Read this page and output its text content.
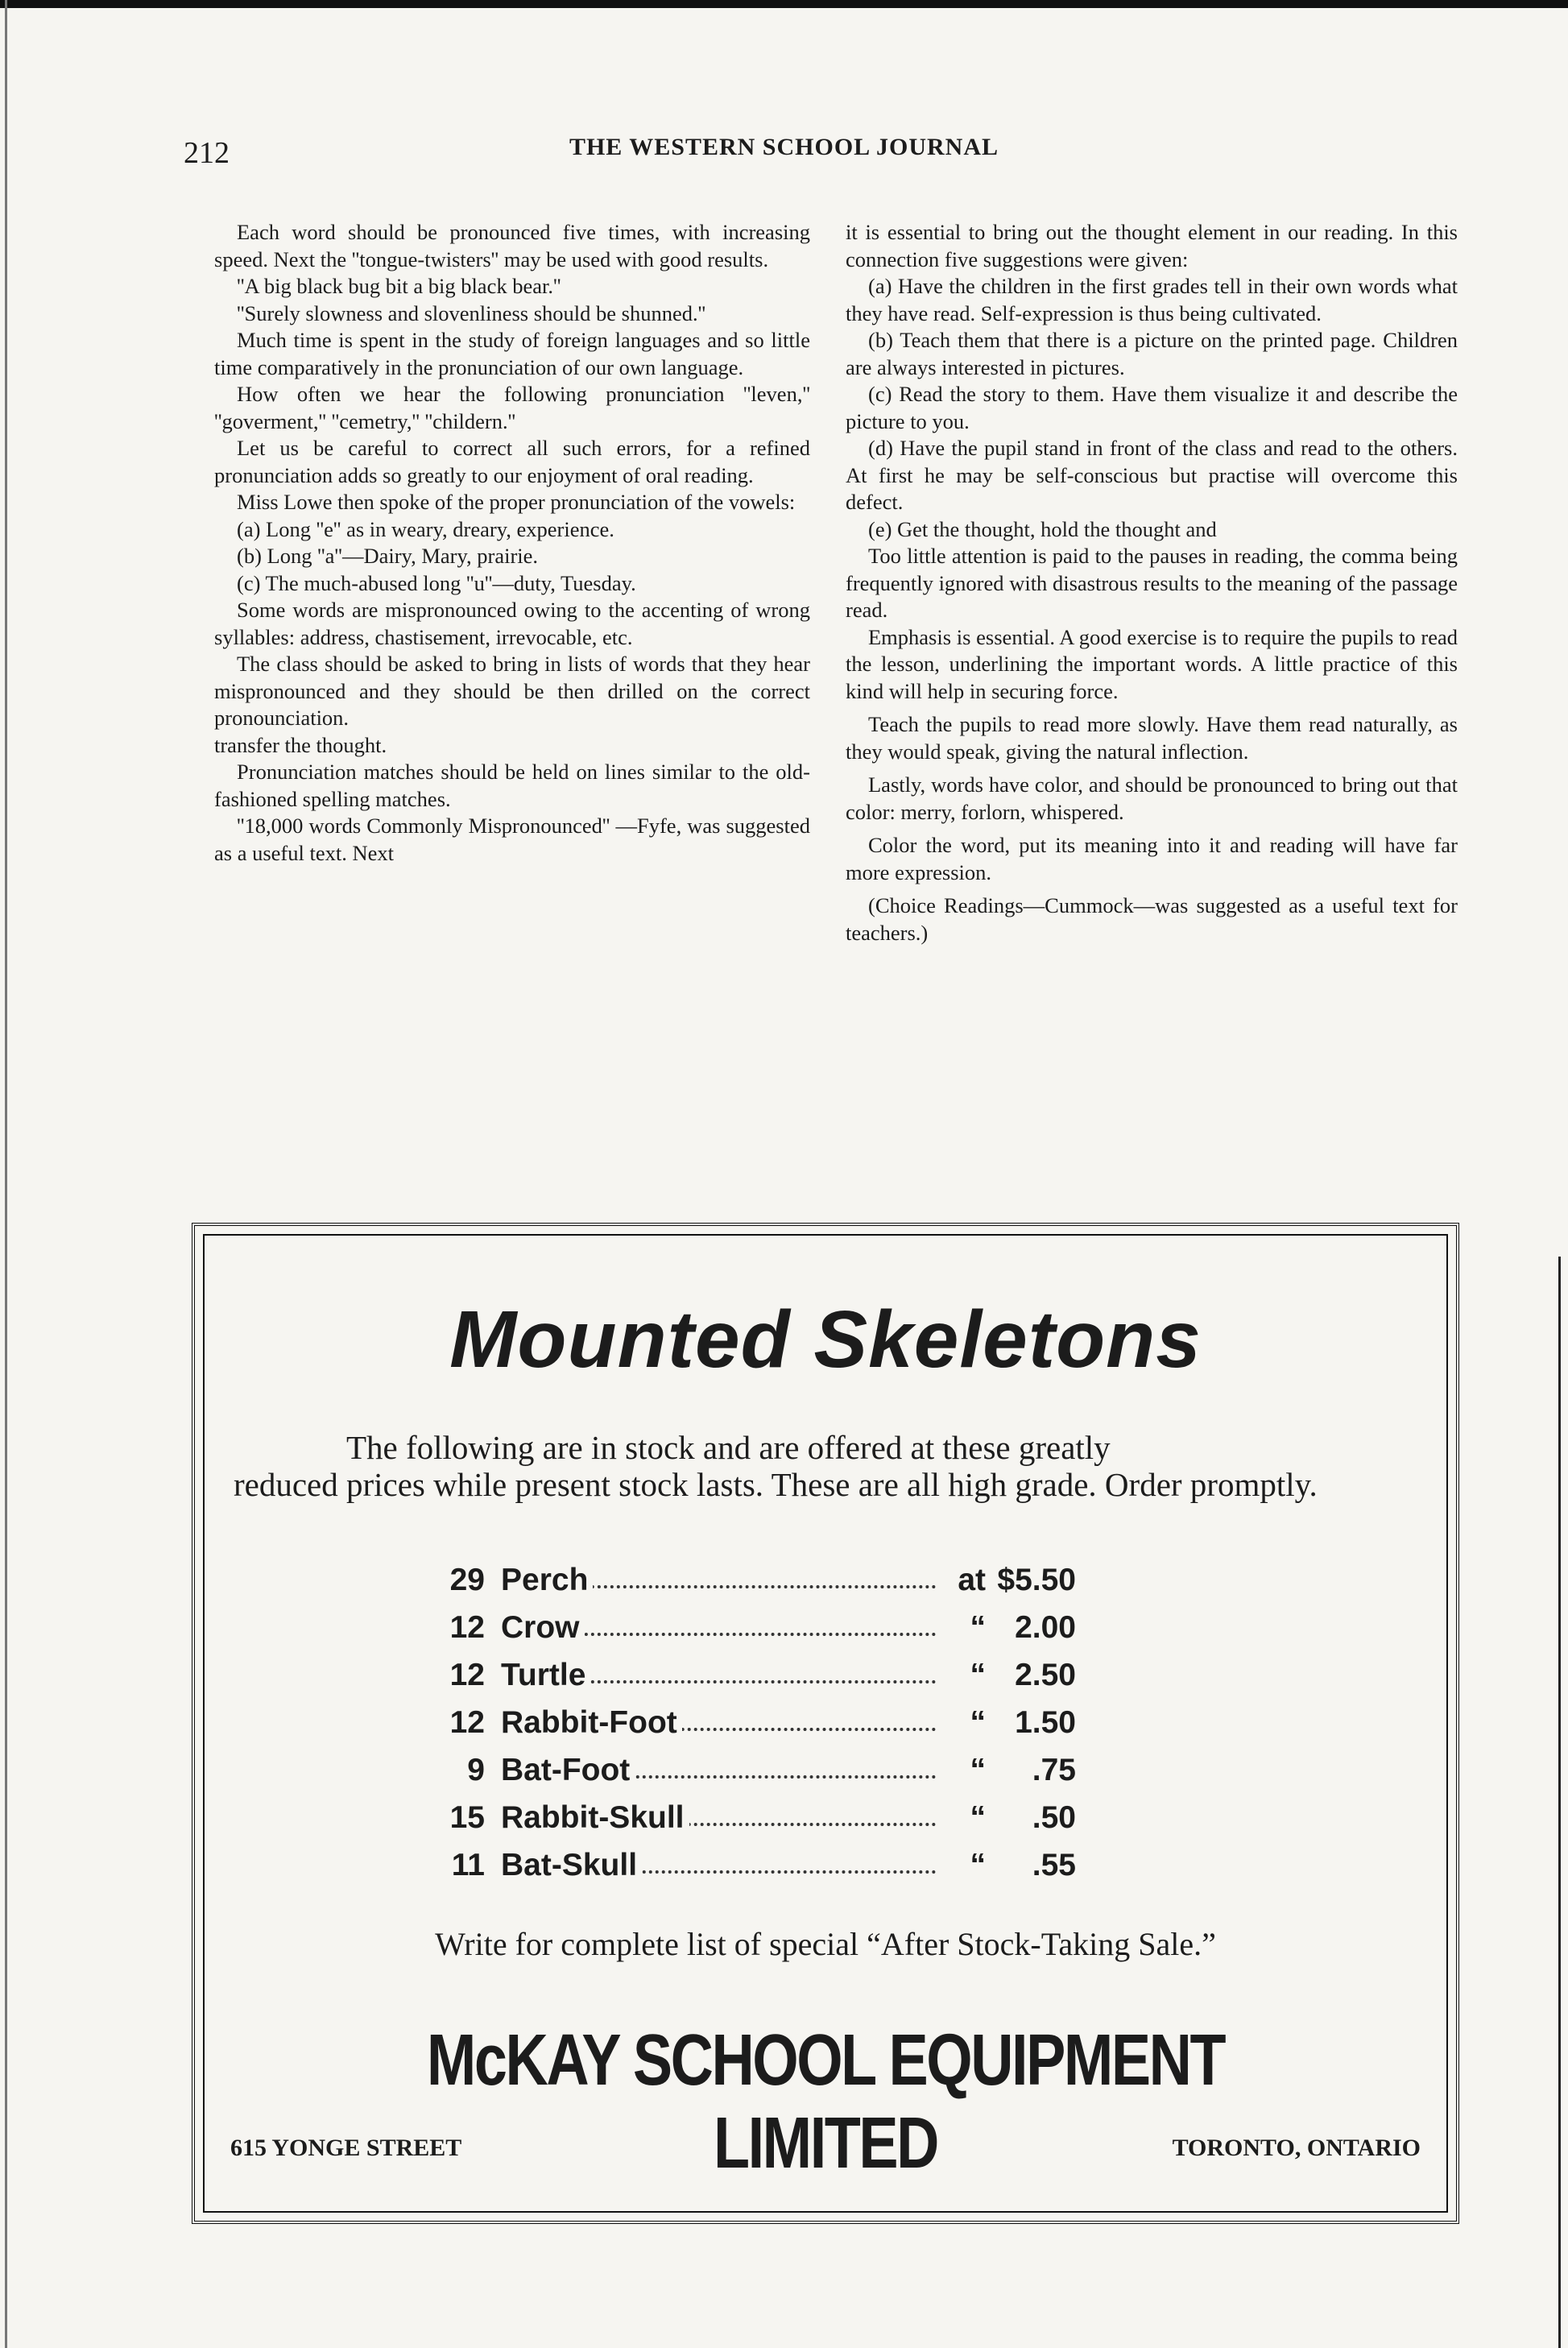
212	THE WESTERN SCHOOL JOURNAL

Each word should be pronounced five times, with increasing speed. Next the ''tongue-twisters'' may be used with good results.

''A big black bug bit a big black bear.''

''Surely slowness and slovenliness should be shunned.''

Much time is spent in the study of foreign languages and so little time comparatively in the pronunciation of our own language.

How often we hear the following pronunciation ''leven,'' ''goverment,'' ''cemetry,'' ''childern.''

Let us be careful to correct all such errors, for a refined pronunciation adds so greatly to our enjoyment of oral reading.

Miss Lowe then spoke of the proper pronunciation of the vowels:

(a) Long ''e'' as in weary, dreary, experience.

(b) Long ''a''—Dairy, Mary, prairie.

(c) The much-abused long ''u''—duty, Tuesday.

Some words are mispronounced owing to the accenting of wrong syllables: address, chastisement, irrevocable, etc.

The class should be asked to bring in lists of words that they hear mispronounced and they should be then drilled on the correct pronounciation.

transfer the thought.

Pronunciation matches should be held on lines similar to the old-fashioned spelling matches.

''18,000 words Commonly Mispronounced'' —Fyfe, was suggested as a useful text. Next

it is essential to bring out the thought element in our reading. In this connection five suggestions were given:

(a) Have the children in the first grades tell in their own words what they have read. Self-expression is thus being cultivated.

(b) Teach them that there is a picture on the printed page. Children are always interested in pictures.

(c) Read the story to them. Have them visualize it and describe the picture to you.

(d) Have the pupil stand in front of the class and read to the others. At first he may be self-conscious but practise will overcome this defect.

(e) Get the thought, hold the thought and

Too little attention is paid to the pauses in reading, the comma being frequently ignored with disastrous results to the meaning of the passage read.

Emphasis is essential. A good exercise is to require the pupils to read the lesson, underlining the important words. A little practice of this kind will help in securing force.

Teach the pupils to read more slowly. Have them read naturally, as they would speak, giving the natural inflection.

Lastly, words have color, and should be pronounced to bring out that color: merry, forlorn, whispered.

Color the word, put its meaning into it and reading will have far more expression.

(Choice Readings—Cummock—was suggested as a useful text for teachers.)

Mounted Skeletons
The following are in stock and are offered at these greatly
reduced prices while present stock lasts. These are all high grade. Order promptly.
29 Perch	at $5.50
12 Crow	“ 2.00
12 Turtle	“ 2.50
12 Rabbit-Foot	“ 1.50
9 Bat-Foot	“	.75
15 Rabbit-Skull	“	.50
11 Bat-Skull	“	.55
Write for complete list of special “After Stock-Taking Sale.”
McKAY SCHOOL EQUIPMENT LIMITED
615 YONGE STREET	TORONTO, ONTARIO
